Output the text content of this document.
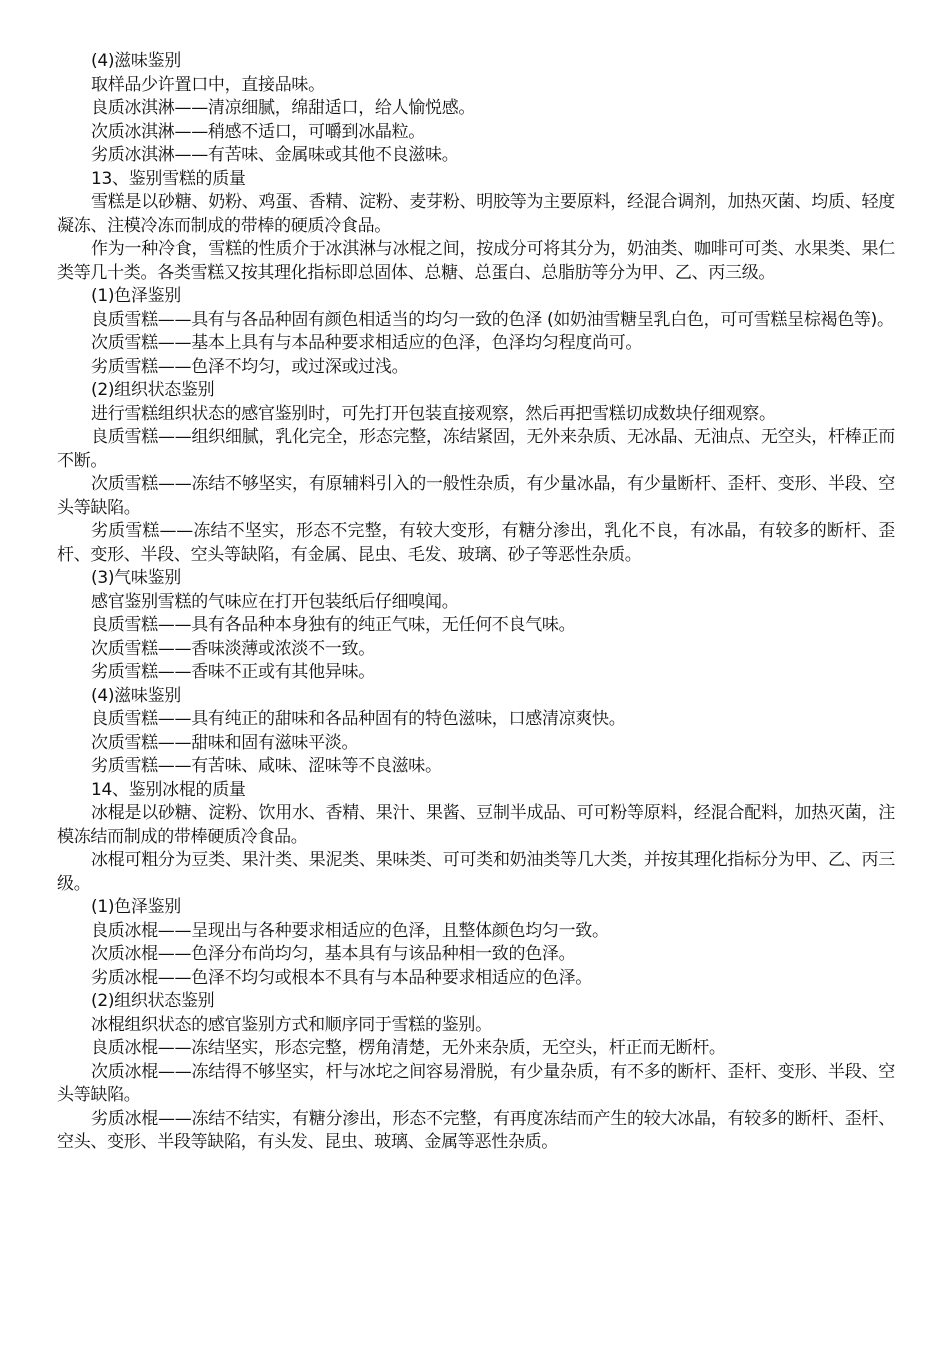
(4)滋味鉴别

取样品少许置口中，直接品味。

良质冰淇淋——清凉细腻，绵甜适口，给人愉悦感。

次质冰淇淋——稍感不适口，可嚼到冰晶粒。

劣质冰淇淋——有苦味、金属味或其他不良滋味。

13、鉴别雪糕的质量

雪糕是以砂糖、奶粉、鸡蛋、香精、淀粉、麦芽粉、明胶等为主要原料，经混合调剂，加热灭菌、均质、轻度凝冻、注模冷冻而制成的带棒的硬质冷食品。

作为一种冷食，雪糕的性质介于冰淇淋与冰棍之间，按成分可将其分为，奶油类、咖啡可可类、水果类、果仁类等几十类。各类雪糕又按其理化指标即总固体、总糖、总蛋白、总脂肪等分为甲、乙、丙三级。

(1)色泽鉴别

良质雪糕——具有与各品种固有颜色相适当的均匀一致的色泽 (如奶油雪糖呈乳白色，可可雪糕呈棕褐色等)。

次质雪糕——基本上具有与本品种要求相适应的色泽，色泽均匀程度尚可。

劣质雪糕——色泽不均匀，或过深或过浅。

(2)组织状态鉴别

进行雪糕组织状态的感官鉴别时，可先打开包装直接观察，然后再把雪糕切成数块仔细观察。

良质雪糕——组织细腻，乳化完全，形态完整，冻结紧固，无外来杂质、无冰晶、无油点、无空头，杆棒正而不断。

次质雪糕——冻结不够坚实，有原辅料引入的一般性杂质，有少量冰晶，有少量断杆、歪杆、变形、半段、空头等缺陷。

劣质雪糕——冻结不坚实，形态不完整，有较大变形，有糖分渗出，乳化不良，有冰晶，有较多的断杆、歪杆、变形、半段、空头等缺陷，有金属、昆虫、毛发、玻璃、砂子等恶性杂质。

(3)气味鉴别

感官鉴别雪糕的气味应在打开包装纸后仔细嗅闻。

良质雪糕——具有各品种本身独有的纯正气味，无任何不良气味。

次质雪糕——香味淡薄或浓淡不一致。

劣质雪糕——香味不正或有其他异味。

(4)滋味鉴别

良质雪糕——具有纯正的甜味和各品种固有的特色滋味，口感清凉爽快。

次质雪糕——甜味和固有滋味平淡。

劣质雪糕——有苦味、咸味、涩味等不良滋味。

14、鉴别冰棍的质量

冰棍是以砂糖、淀粉、饮用水、香精、果汁、果酱、豆制半成品、可可粉等原料，经混合配料，加热灭菌，注模冻结而制成的带棒硬质冷食品。

冰棍可粗分为豆类、果汁类、果泥类、果味类、可可类和奶油类等几大类，并按其理化指标分为甲、乙、丙三级。

(1)色泽鉴别

良质冰棍——呈现出与各种要求相适应的色泽，且整体颜色均匀一致。

次质冰棍——色泽分布尚均匀，基本具有与该品种相一致的色泽。

劣质冰棍——色泽不均匀或根本不具有与本品种要求相适应的色泽。

(2)组织状态鉴别

冰棍组织状态的感官鉴别方式和顺序同于雪糕的鉴别。

良质冰棍——冻结坚实，形态完整，楞角清楚，无外来杂质，无空头，杆正而无断杆。

次质冰棍——冻结得不够坚实，杆与冰坨之间容易滑脱，有少量杂质，有不多的断杆、歪杆、变形、半段、空头等缺陷。

劣质冰棍——冻结不结实，有糖分渗出，形态不完整，有再度冻结而产生的较大冰晶，有较多的断杆、歪杆、空头、变形、半段等缺陷，有头发、昆虫、玻璃、金属等恶性杂质。
